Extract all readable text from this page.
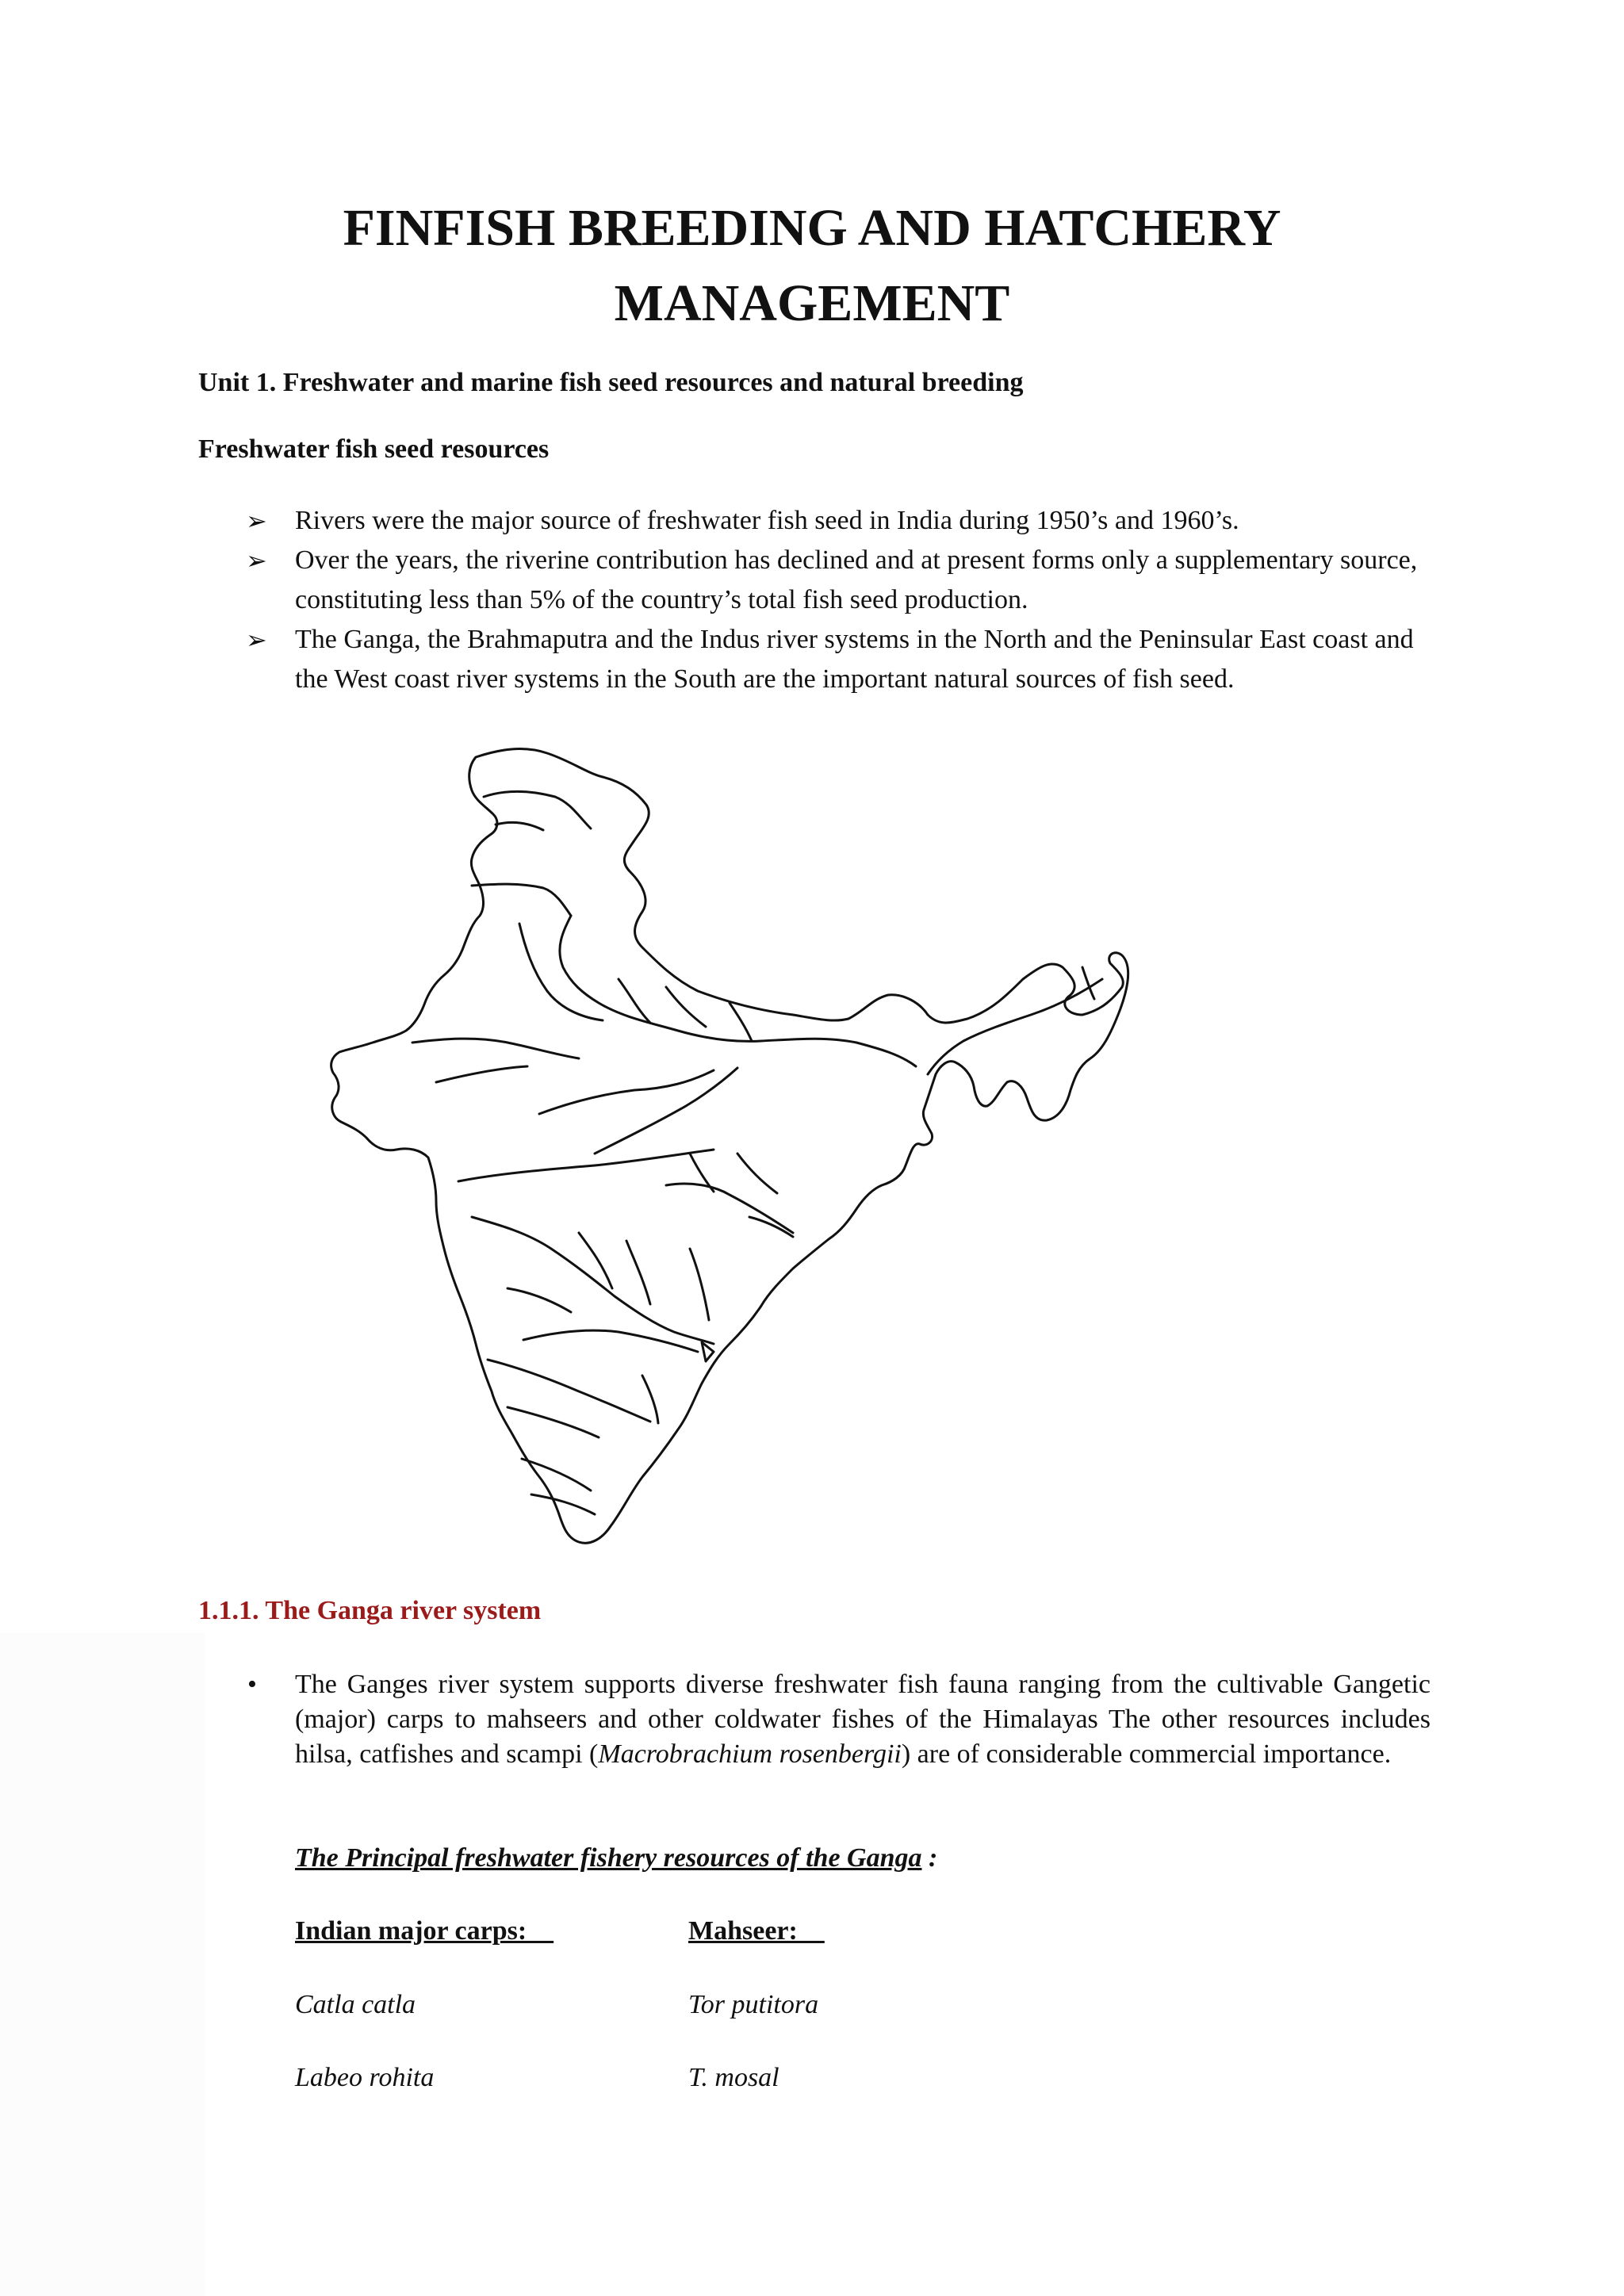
FINFISH BREEDING AND HATCHERY MANAGEMENT
Unit 1. Freshwater and marine fish seed resources and natural breeding
Freshwater fish seed resources
➢ Rivers were the major source of freshwater fish seed in India during 1950’s and 1960’s.
➢ Over the years, the riverine contribution has declined and at present forms only a supplementary source, constituting less than 5% of the country’s total fish seed production.
➢ The Ganga, the Brahmaputra and the Indus river systems in the North and the Peninsular East coast and the West coast river systems in the South are the important natural sources of fish seed.
1.1.1. The Ganga river system
• The Ganges river system supports diverse freshwater fish fauna ranging from the cultivable Gangetic (major) carps to mahseers and other coldwater fishes of the Himalayas The other resources includes hilsa, catfishes and scampi (Macrobrachium rosenbergii) are of considerable commercial importance.
The Principal freshwater fishery resources of the Ganga :
Indian major carps:	Mahseer:
Catla catla	Tor putitora
Labeo rohita	T. mosal
